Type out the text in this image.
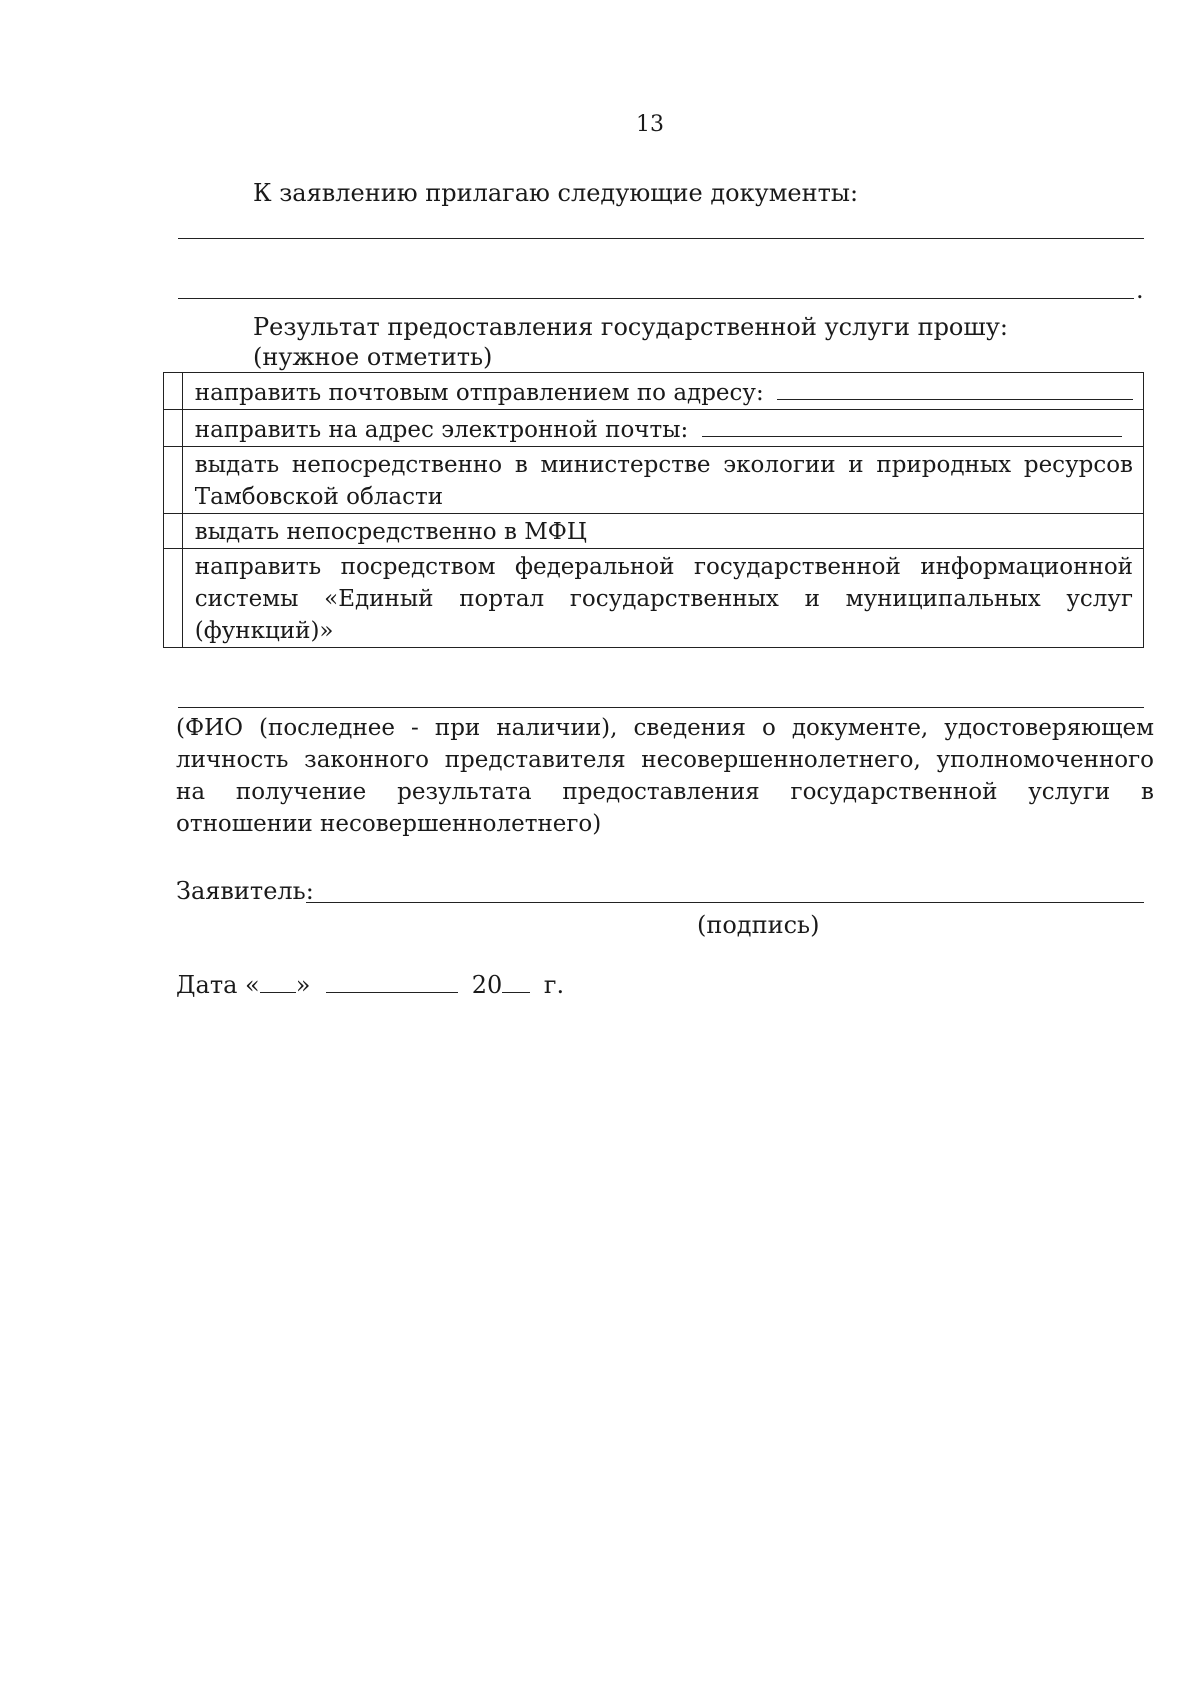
13
К заявлению прилагаю следующие документы:
.
Результат предоставления государственной услуги прошу:
(нужное отметить)
	направить почтовым отправлением по адресу:
	направить на адрес электронной почты:
	выдать непосредственно в министерстве экологии и природных ресурсов Тамбовской области
	выдать непосредственно в МФЦ
	направить посредством федеральной государственной информационной системы «Единый портал государственных и муниципальных услуг (функций)»
(ФИО (последнее - при наличии), сведения о документе, удостоверяющем личность законного представителя несовершеннолетнего, уполномоченного на получение результата предоставления государственной услуги в отношении несовершеннолетнего)
Заявитель:
(подпись)
Дата « »	20 г.
